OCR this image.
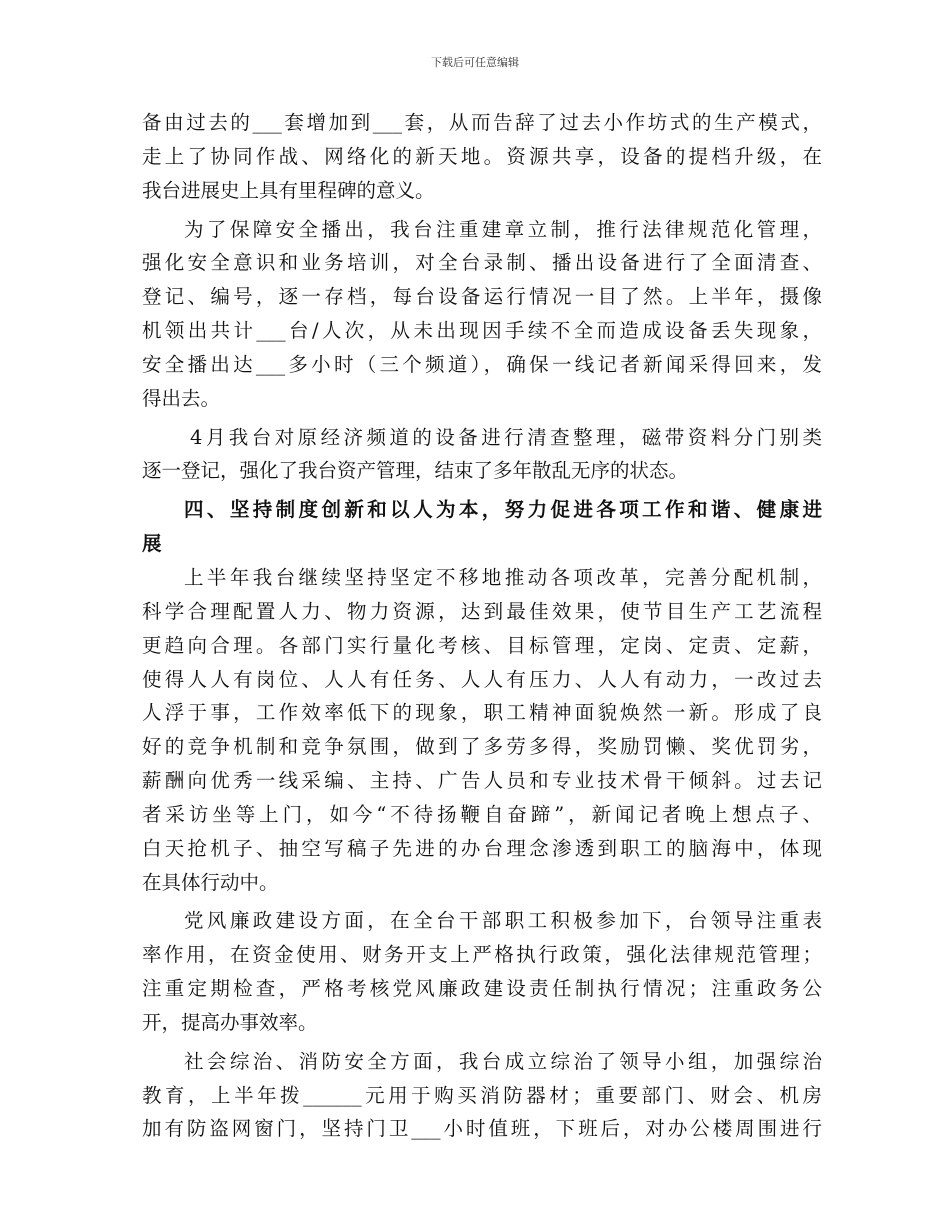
下载后可任意编辑
备由过去的___套增加到___套，从而告辞了过去小作坊式的生产模式，
走上了协同作战、网络化的新天地。资源共享，设备的提档升级，在
我台进展史上具有里程碑的意义。
为了保障安全播出，我台注重建章立制，推行法律规范化管理，
强化安全意识和业务培训，对全台录制、播出设备进行了全面清查、
登记、编号，逐一存档，每台设备运行情况一目了然。上半年，摄像
机领出共计___台/人次，从未出现因手续不全而造成设备丢失现象，
安全播出达___多小时（三个频道），确保一线记者新闻采得回来，发
得出去。
4月我台对原经济频道的设备进行清查整理，磁带资料分门别类
逐一登记，强化了我台资产管理，结束了多年散乱无序的状态。
四、坚持制度创新和以人为本，努力促进各项工作和谐、健康进
展
上半年我台继续坚持坚定不移地推动各项改革，完善分配机制，
科学合理配置人力、物力资源，达到最佳效果，使节目生产工艺流程
更趋向合理。各部门实行量化考核、目标管理，定岗、定责、定薪，
使得人人有岗位、人人有任务、人人有压力、人人有动力，一改过去
人浮于事，工作效率低下的现象，职工精神面貌焕然一新。形成了良
好的竞争机制和竞争氛围，做到了多劳多得，奖励罚懒、奖优罚劣，
薪酬向优秀一线采编、主持、广告人员和专业技术骨干倾斜。过去记
者采访坐等上门，如今“不待扬鞭自奋蹄”，新闻记者晚上想点子、
白天抢机子、抽空写稿子先进的办台理念渗透到职工的脑海中，体现
在具体行动中。
党风廉政建设方面，在全台干部职工积极参加下，台领导注重表
率作用，在资金使用、财务开支上严格执行政策，强化法律规范管理；
注重定期检查，严格考核党风廉政建设责任制执行情况；注重政务公
开，提高办事效率。
社会综治、消防安全方面，我台成立综治了领导小组，加强综治
教育，上半年拨______元用于购买消防器材；重要部门、财会、机房
加有防盗网窗门，坚持门卫___小时值班，下班后，对办公楼周围进行
